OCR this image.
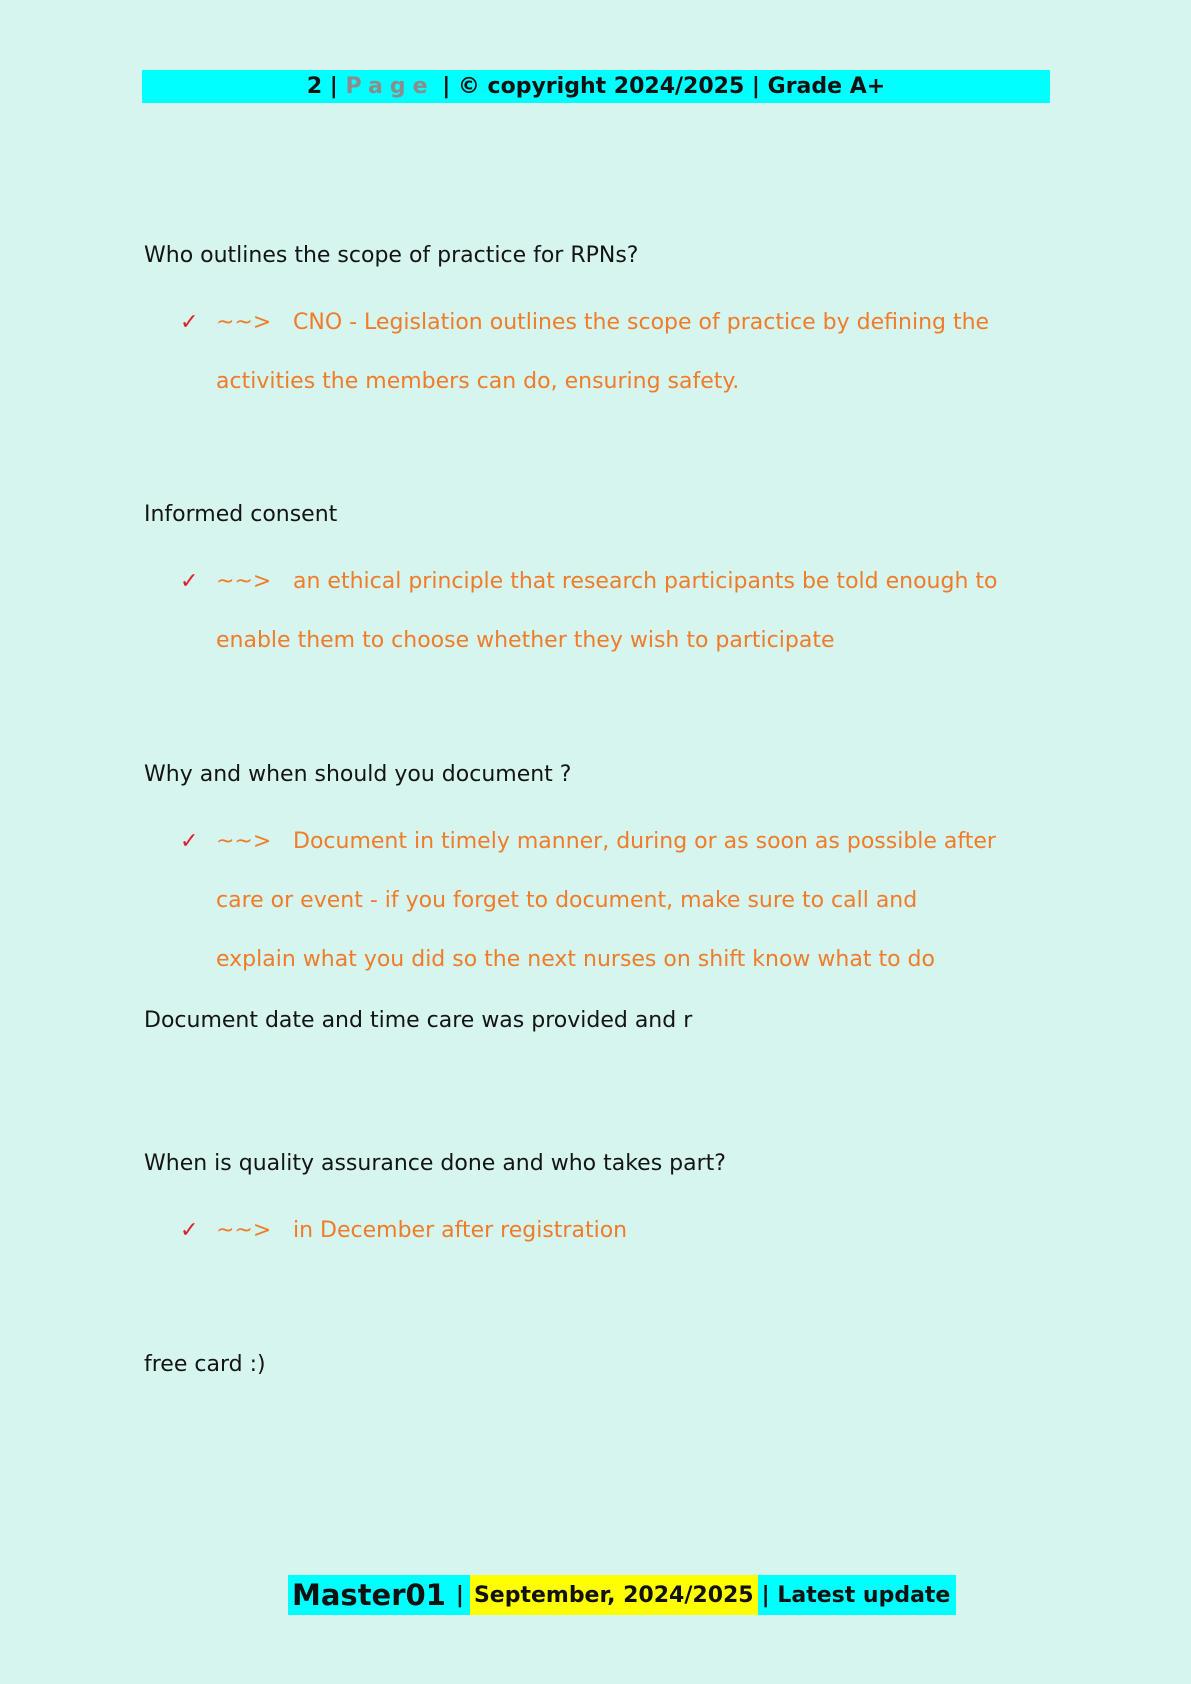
2 | Page | © copyright 2024/2025 | Grade A+
Who outlines the scope of practice for RPNs?
✓ ~~> CNO - Legislation outlines the scope of practice by defining the
activities the members can do, ensuring safety.
Informed consent
✓ ~~> an ethical principle that research participants be told enough to
enable them to choose whether they wish to participate
Why and when should you document ?
✓ ~~> Document in timely manner, during or as soon as possible after
care or event - if you forget to document, make sure to call and
explain what you did so the next nurses on shift know what to do
Document date and time care was provided and r
When is quality assurance done and who takes part?
✓ ~~> in December after registration
free card :)
Master01 | September, 2024/2025 |
Latest update
